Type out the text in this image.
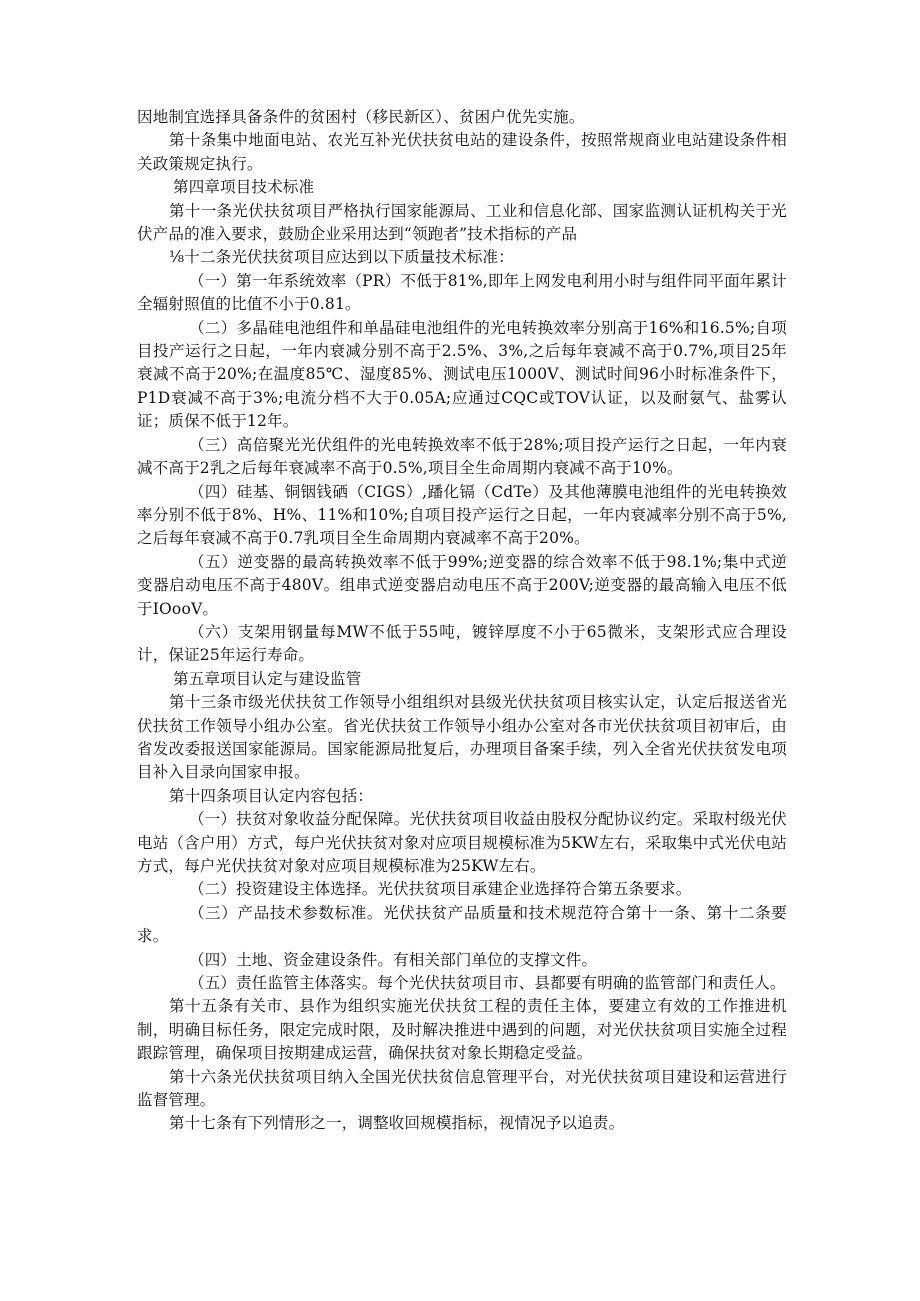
因地制宜选择具备条件的贫困村（移民新区）、贫困户优先实施。

第十条集中地面电站、农光互补光伏扶贫电站的建设条件，按照常规商业电站建设条件相关政策规定执行。

第四章项目技术标准

第十一条光伏扶贫项目严格执行国家能源局、工业和信息化部、国家监测认证机构关于光伏产品的准入要求，鼓励企业采用达到“领跑者”技术指标的产品

⅛十二条光伏扶贫项目应达到以下质量技术标准：

（一）第一年系统效率（PR）不低于81%,即年上网发电利用小时与组件同平面年累计全辐射照值的比值不小于0.81。

（二）多晶硅电池组件和单晶硅电池组件的光电转换效率分别高于16%和16.5%;自项目投产运行之日起，一年内衰减分别不高于2.5%、3%,之后每年衰减不高于0.7%,项目25年衰减不高于20%;在温度85℃、湿度85%、测试电压1000V、测试时间96小时标准条件下，P1D衰减不高于3%;电流分档不大于0.05A;应通过CQC或TOV认证，以及耐氨气、盐雾认证；质保不低于12年。

（三）高倍聚光光伏组件的光电转换效率不低于28%;项目投产运行之日起，一年内衰减不高于2乳之后每年衰减率不高于0.5%,项目全生命周期内衰减不高于10%。

（四）硅基、铜铟钱硒（CIGS）,蹯化镉（CdTe）及其他薄膜电池组件的光电转换效率分别不低于8%、H%、11%和10%;自项目投产运行之日起，一年内衰减率分别不高于5%,之后每年衰减不高于0.7乳项目全生命周期内衰减率不高于20%。

（五）逆变器的最高转换效率不低于99%;逆变器的综合效率不低于98.1%;集中式逆变器启动电压不高于480V。组串式逆变器启动电压不高于200V;逆变器的最高输入电压不低于IOooV。

（六）支架用钢量每MW不低于55吨，镀锌厚度不小于65微米，支架形式应合理设计，保证25年运行寿命。

第五章项目认定与建设监管

第十三条市级光伏扶贫工作领导小组组织对县级光伏扶贫项目核实认定，认定后报送省光伏扶贫工作领导小组办公室。省光伏扶贫工作领导小组办公室对各市光伏扶贫项目初审后，由省发改委报送国家能源局。国家能源局批复后，办理项目备案手续，列入全省光伏扶贫发电项目补入目录向国家申报。

第十四条项目认定内容包括：

（一）扶贫对象收益分配保障。光伏扶贫项目收益由股权分配协议约定。采取村级光伏电站（含户用）方式，每户光伏扶贫对象对应项目规模标准为5KW左右，采取集中式光伏电站方式，每户光伏扶贫对象对应项目规模标准为25KW左右。

（二）投资建设主体选择。光伏扶贫项目承建企业选择符合第五条要求。

（三）产品技术参数标准。光伏扶贫产品质量和技术规范符合第十一条、第十二条要求。

（四）土地、资金建设条件。有相关部门单位的支撑文件。

（五）责任监管主体落实。每个光伏扶贫项目市、县都要有明确的监管部门和责任人。

第十五条有关市、县作为组织实施光伏扶贫工程的责任主体，要建立有效的工作推进机制，明确目标任务，限定完成时限，及时解决推进中遇到的问题，对光伏扶贫项目实施全过程跟踪管理，确保项目按期建成运营，确保扶贫对象长期稳定受益。

第十六条光伏扶贫项目纳入全国光伏扶贫信息管理平台，对光伏扶贫项目建设和运营进行监督管理。

第十七条有下列情形之一，调整收回规模指标，视情况予以追责。
